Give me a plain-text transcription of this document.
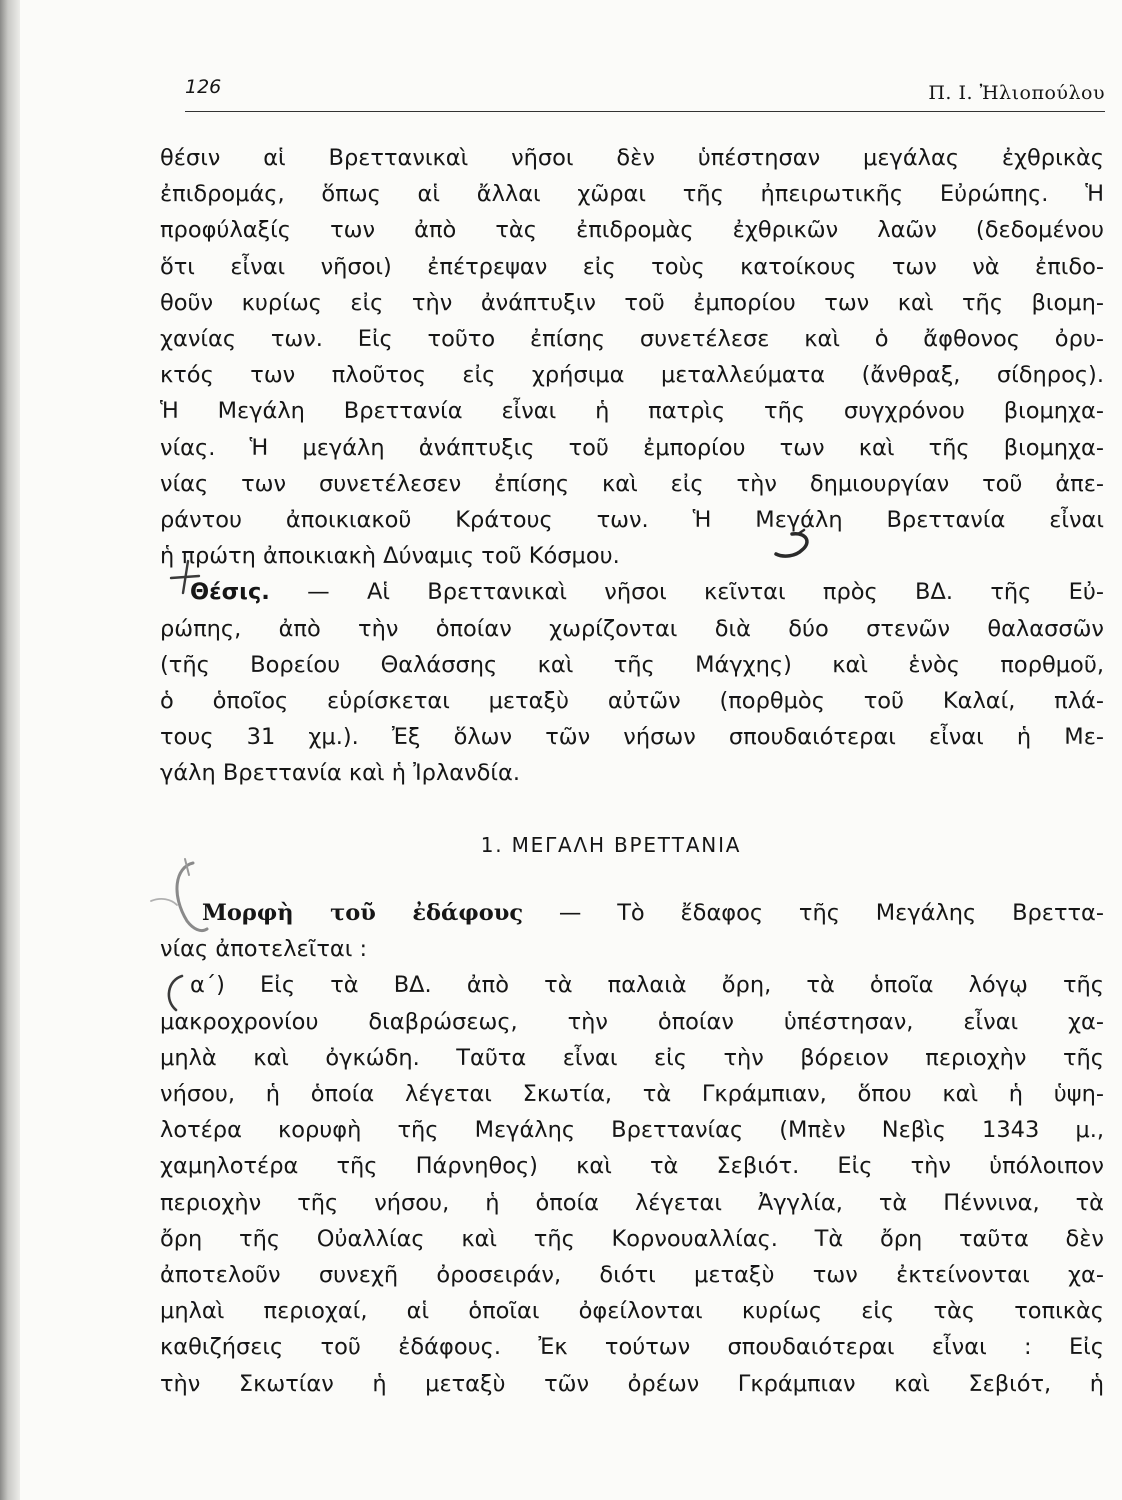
126	Π. Ι. Ἠλιοπούλου
θέσιν αἱ Βρεττανικαὶ νῆσοι δὲν ὑπέστησαν μεγάλας ἐχθρικὰς
ἐπιδρομάς, ὅπως αἱ ἄλλαι χῶραι τῆς ἠπειρωτικῆς Εὐρώπης. Ἡ
προφύλαξίς των ἀπὸ τὰς ἐπιδρομὰς ἐχθρικῶν λαῶν (δεδομένου
ὅτι εἶναι νῆσοι) ἐπέτρεψαν εἰς τοὺς κατοίκους των νὰ ἐπιδο-
θοῦν κυρίως εἰς τὴν ἀνάπτυξιν τοῦ ἐμπορίου των καὶ τῆς βιομη-
χανίας των. Εἰς τοῦτο ἐπίσης συνετέλεσε καὶ ὁ ἄφθονος ὀρυ-
κτός των πλοῦτος εἰς χρήσιμα μεταλλεύματα (ἄνθραξ, σίδηρος).
Ἡ Μεγάλη Βρεττανία εἶναι ἡ πατρὶς τῆς συγχρόνου βιομηχα-
νίας. Ἡ μεγάλη ἀνάπτυξις τοῦ ἐμπορίου των καὶ τῆς βιομηχα-
νίας των συνετέλεσεν ἐπίσης καὶ εἰς τὴν δημιουργίαν τοῦ ἀπε-
ράντου ἀποικιακοῦ Κράτους των. Ἡ Μεγάλη Βρεττανία εἶναι
ἡ πρώτη ἀποικιακὴ Δύναμις τοῦ Κόσμου.
Θέσις. — Αἱ Βρεττανικαὶ νῆσοι κεῖνται πρὸς ΒΔ. τῆς Εὐ-
ρώπης, ἀπὸ τὴν ὁποίαν χωρίζονται διὰ δύο στενῶν θαλασσῶν
(τῆς Βορείου Θαλάσσης καὶ τῆς Μάγχης) καὶ ἑνὸς πορθμοῦ,
ὁ ὁποῖος εὑρίσκεται μεταξὺ αὐτῶν (πορθμὸς τοῦ Καλαί, πλά-
τους 31 χμ.). Ἐξ ὅλων τῶν νήσων σπουδαιότεραι εἶναι ἡ Με-
γάλη Βρεττανία καὶ ἡ Ἰρλανδία.
1. ΜΕΓΑΛΗ ΒΡΕΤΤΑΝΙΑ
Μορφὴ τοῦ ἐδάφους — Τὸ ἔδαφος τῆς Μεγάλης Βρεττα-
νίας ἀποτελεῖται :
α΄) Εἰς τὰ ΒΔ. ἀπὸ τὰ παλαιὰ ὄρη, τὰ ὁποῖα λόγῳ τῆς
μακροχρονίου διαβρώσεως, τὴν ὁποίαν ὑπέστησαν, εἶναι χα-
μηλὰ καὶ ὀγκώδη. Ταῦτα εἶναι εἰς τὴν βόρειον περιοχὴν τῆς
νήσου, ἡ ὁποία λέγεται Σκωτία, τὰ Γκράμπιαν, ὅπου καὶ ἡ ὑψη-
λοτέρα κορυφὴ τῆς Μεγάλης Βρεττανίας (Μπὲν Νεβὶς 1343 μ.,
χαμηλοτέρα τῆς Πάρνηθος) καὶ τὰ Σεβιότ. Εἰς τὴν ὑπόλοιπον
περιοχὴν τῆς νήσου, ἡ ὁποία λέγεται Ἀγγλία, τὰ Πέννινα, τὰ
ὄρη τῆς Οὐαλλίας καὶ τῆς Κορνουαλλίας. Τὰ ὄρη ταῦτα δὲν
ἀποτελοῦν συνεχῆ ὀροσειράν, διότι μεταξὺ των ἐκτείνονται χα-
μηλαὶ περιοχαί, αἱ ὁποῖαι ὀφείλονται κυρίως εἰς τὰς τοπικὰς
καθιζήσεις τοῦ ἐδάφους. Ἐκ τούτων σπουδαιότεραι εἶναι : Εἰς
τὴν Σκωτίαν ἡ μεταξὺ τῶν ὀρέων Γκράμπιαν καὶ Σεβιότ, ἡ
